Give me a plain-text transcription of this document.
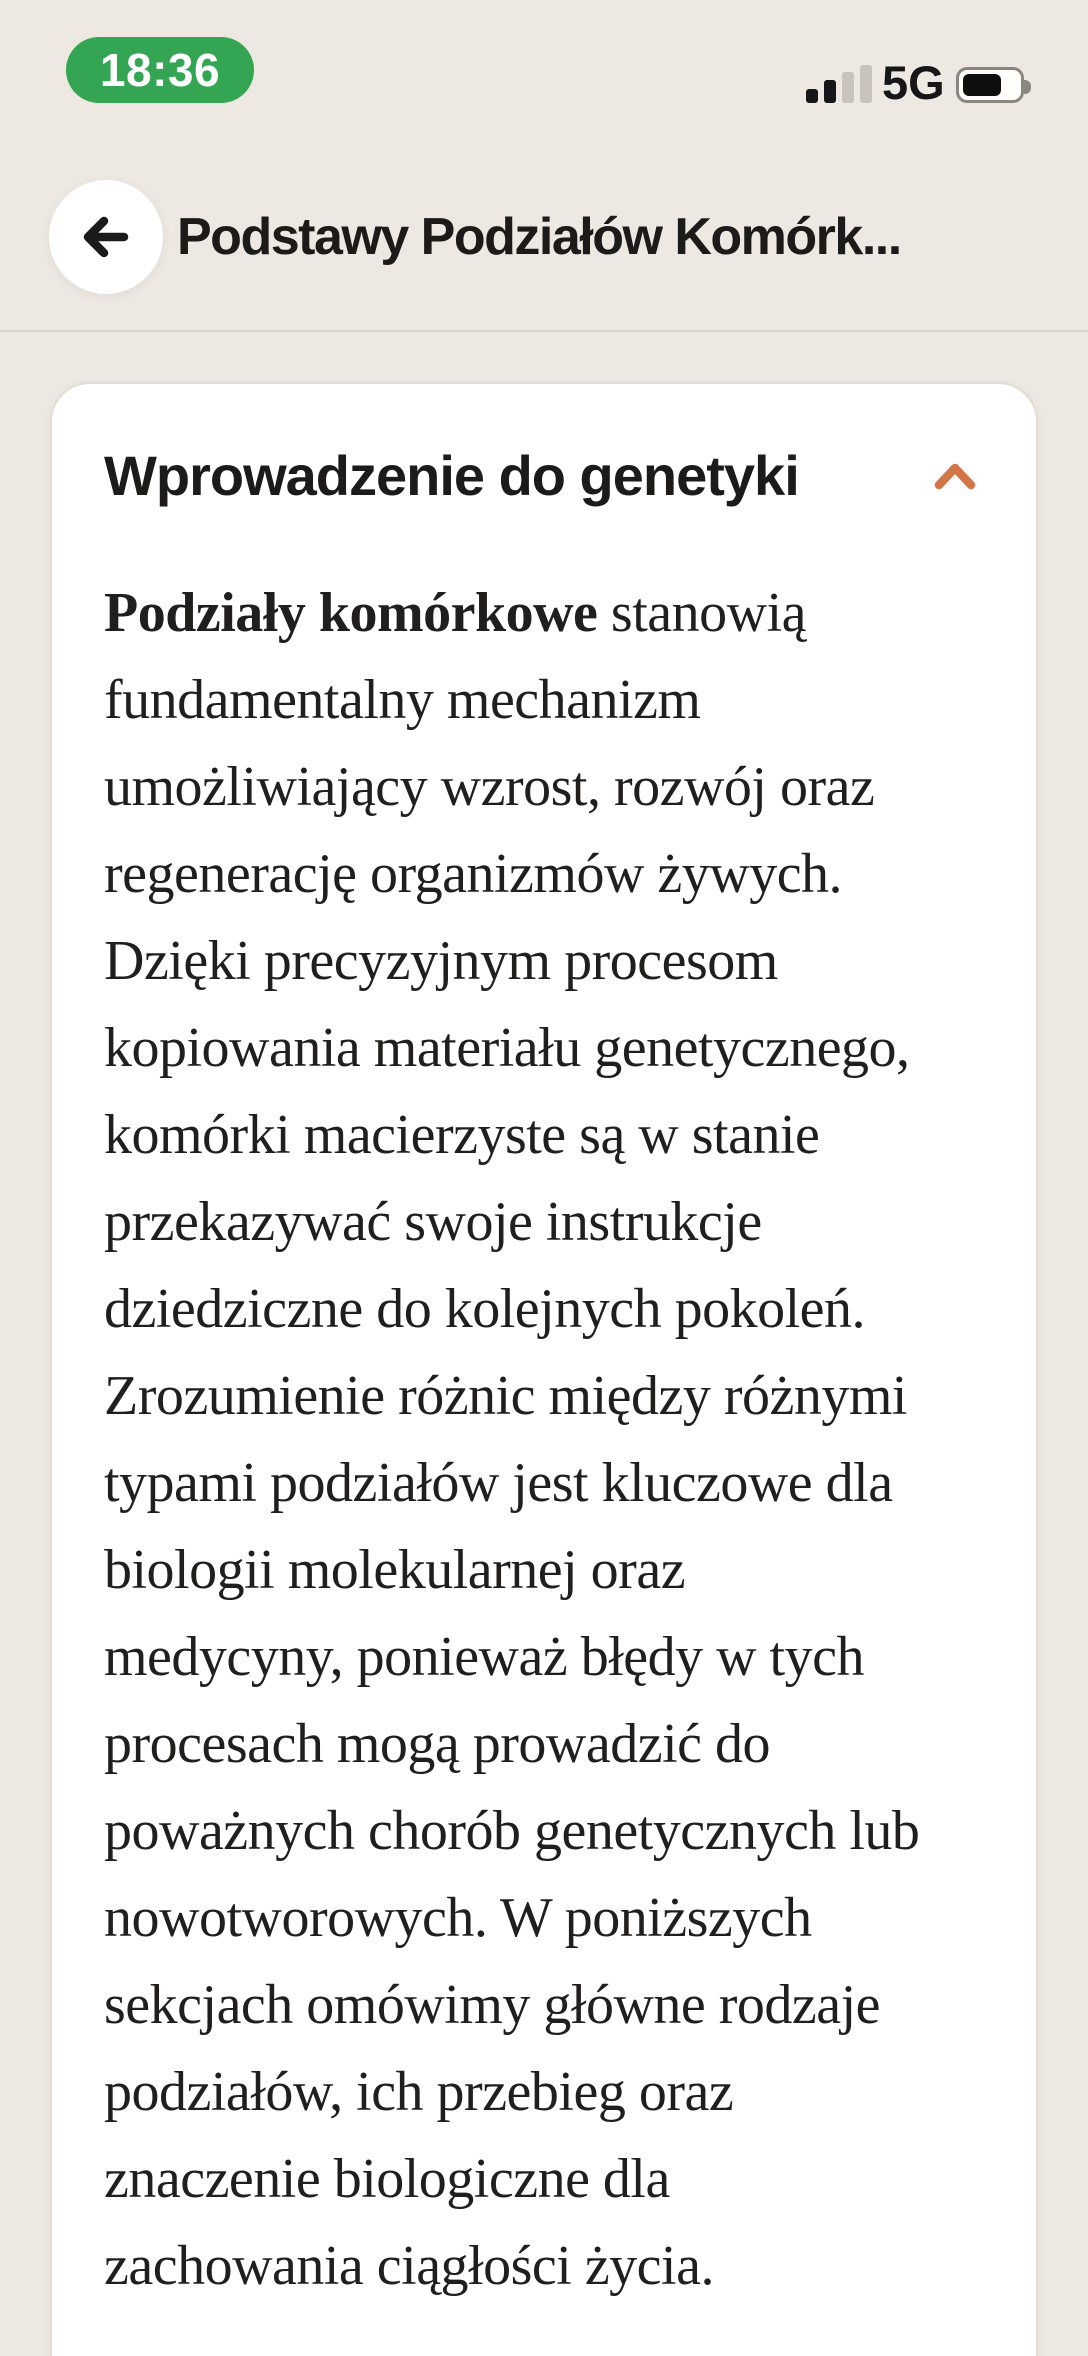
18:36	5G
Podstawy Podziałów Komórk...
Wprowadzenie do genetyki
Podziały komórkowe stanowią
fundamentalny mechanizm
umożliwiający wzrost, rozwój oraz
regenerację organizmów żywych.
Dzięki precyzyjnym procesom
kopiowania materiału genetycznego,
komórki macierzyste są w stanie
przekazywać swoje instrukcje
dziedziczne do kolejnych pokoleń.
Zrozumienie różnic między różnymi
typami podziałów jest kluczowe dla
biologii molekularnej oraz
medycyny, ponieważ błędy w tych
procesach mogą prowadzić do
poważnych chorób genetycznych lub
nowotworowych. W poniższych
sekcjach omówimy główne rodzaje
podziałów, ich przebieg oraz
znaczenie biologiczne dla
zachowania ciągłości życia.
